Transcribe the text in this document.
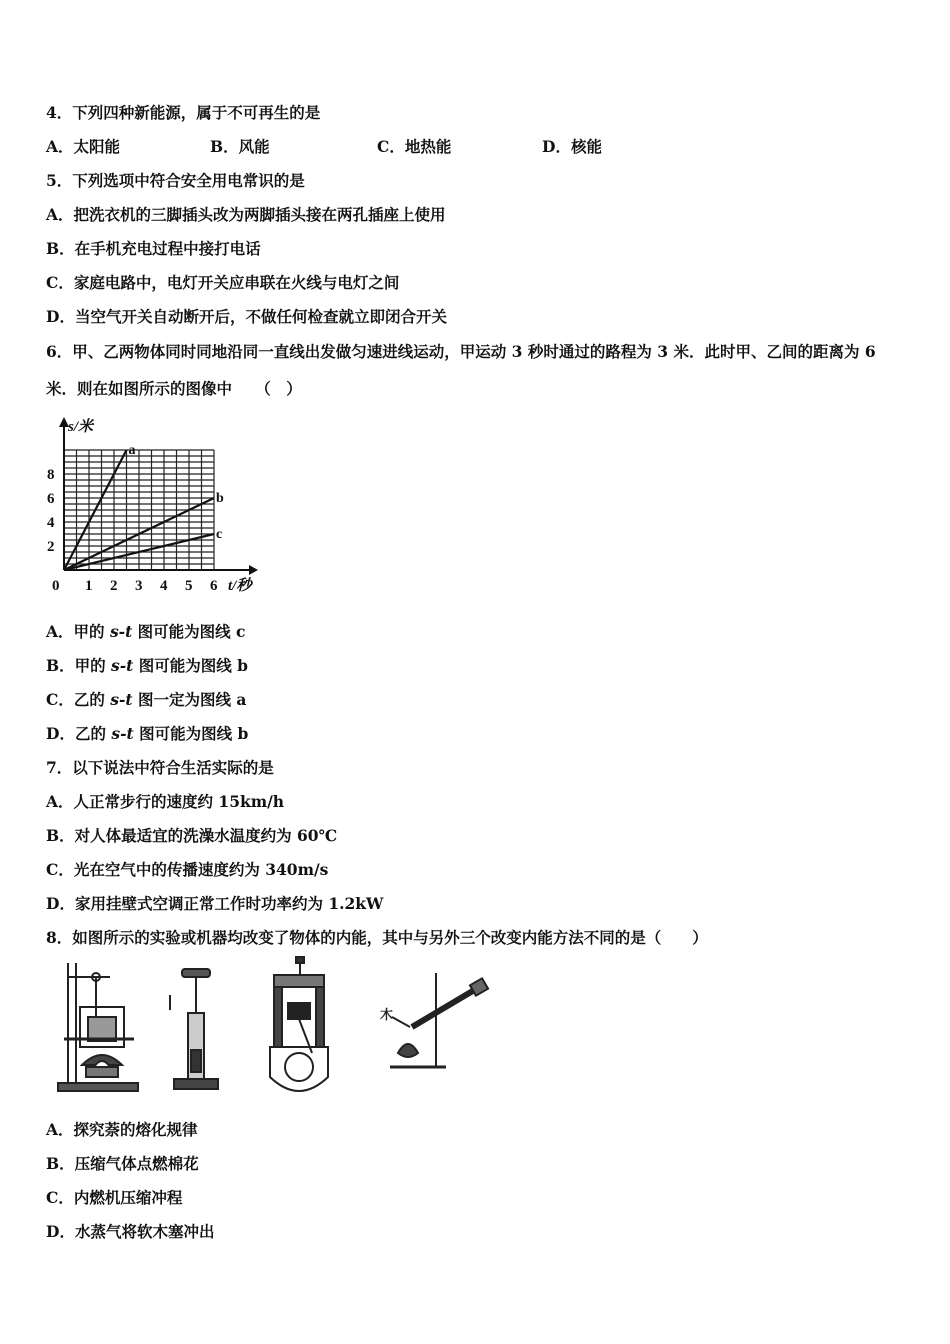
4．下列四种新能源，属于不可再生的是
A．太阳能	B．风能	C．地热能	D．核能
5．下列选项中符合安全用电常识的是
A．把洗衣机的三脚插头改为两脚插头接在两孔插座上使用
B．在手机充电过程中接打电话
C．家庭电路中，电灯开关应串联在火线与电灯之间
D．当空气开关自动断开后，不做任何检查就立即闭合开关
6．甲、乙两物体同时同地沿同一直线出发做匀速进线运动，甲运动 3 秒时通过的路程为 3 米．此时甲、乙间的距离为 6
米．则在如图所示的图像中　　（　）
a
b
c
0 1 2 3 4 5 6
2
4
6
8
s/米
t/秒
A．甲的 s-t 图可能为图线 c
B．甲的 s-t 图可能为图线 b
C．乙的 s-t 图一定为图线 a
D．乙的 s-t 图可能为图线 b
7．以下说法中符合生活实际的是
A．人正常步行的速度约 15km/h
B．对人体最适宜的洗澡水温度约为 60℃
C．光在空气中的传播速度约为 340m/s
D．家用挂壁式空调正常工作时功率约为 1.2kW
8．如图所示的实验或机器均改变了物体的内能，其中与另外三个改变内能方法不同的是（　　）
木
A．探究萘的熔化规律
B．压缩气体点燃棉花
C．内燃机压缩冲程
D．水蒸气将软木塞冲出
